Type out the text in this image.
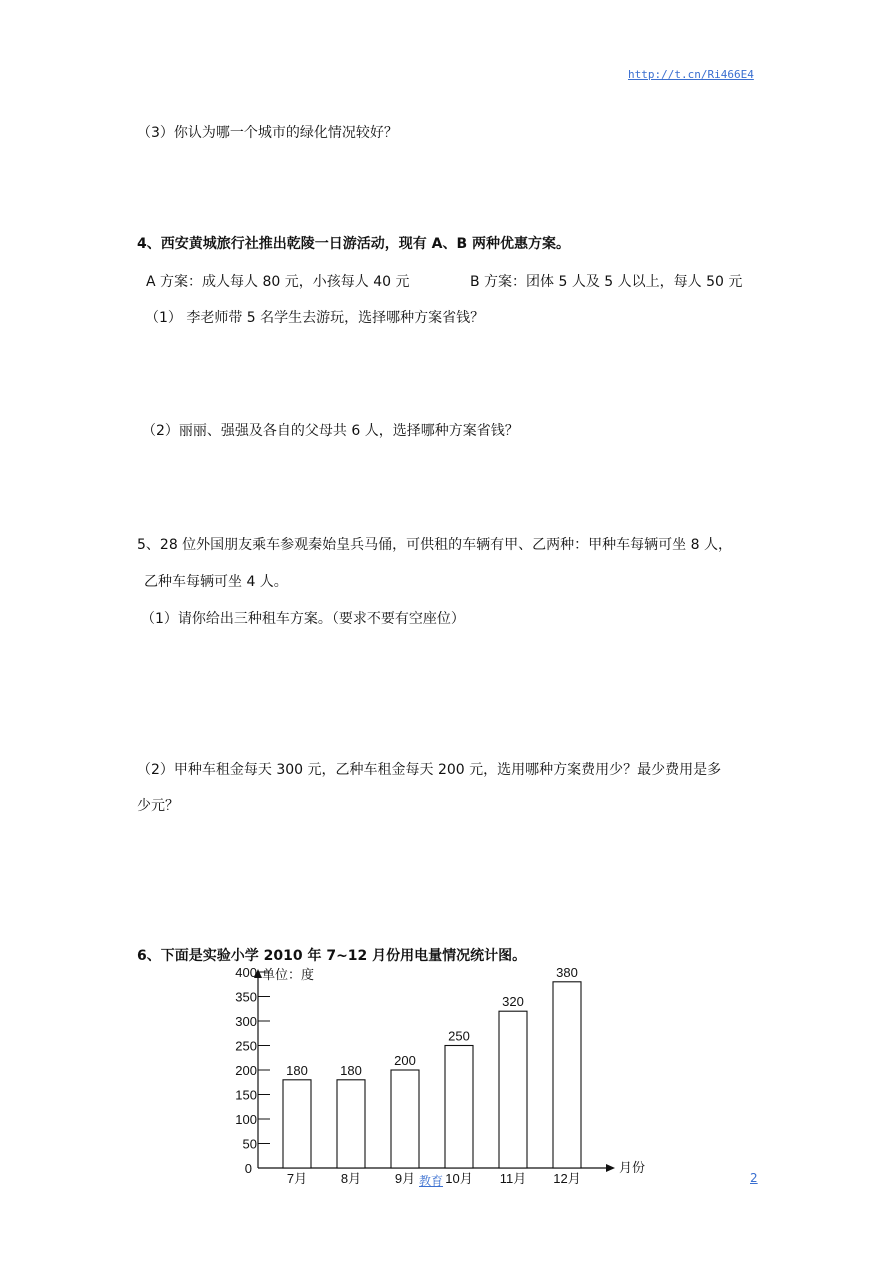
http://t.cn/Ri466E4
（3）你认为哪一个城市的绿化情况较好？
4、西安黄城旅行社推出乾陵一日游活动，现有 A、B 两种优惠方案。
A 方案：成人每人 80 元，小孩每人 40 元	B 方案：团体 5 人及 5 人以上，每人 50 元
（1） 李老师带 5 名学生去游玩，选择哪种方案省钱？
（2）丽丽、强强及各自的父母共 6 人，选择哪种方案省钱？
5、28 位外国朋友乘车参观秦始皇兵马俑，可供租的车辆有甲、乙两种：甲种车每辆可坐 8 人，
乙种车每辆可坐 4 人。
（1）请你给出三种租车方案。（要求不要有空座位）
（2）甲种车租金每天 300 元，乙种车租金每天 200 元，选用哪种方案费用少？最少费用是多
少元？
6、下面是实验小学 2010 年 7~12 月份用电量情况统计图。
0
50
100
150
200
250
300
350
400 单位：度
月份
180
7月
180
8月
200
9月
250
10月
320
11月
380
12月
教育	2
